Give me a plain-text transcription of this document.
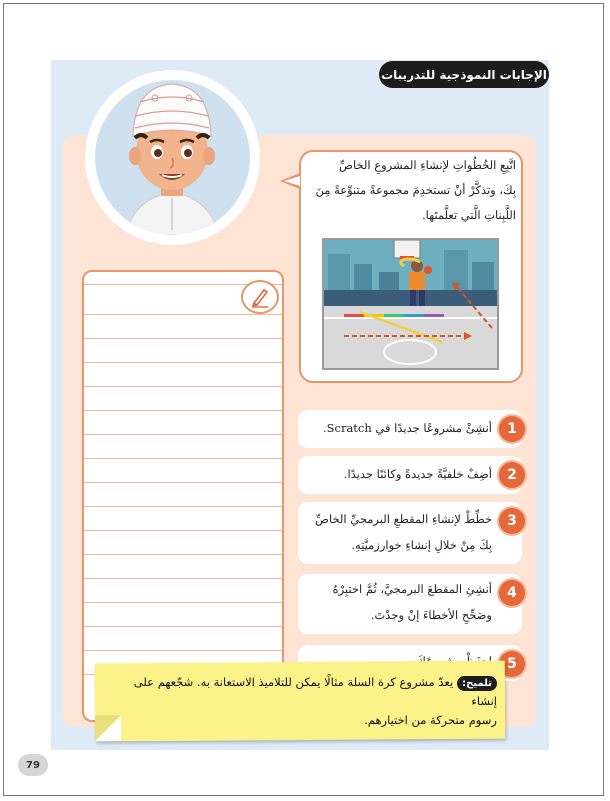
الإجابات النموذجية للتدريبات
اتَّبِعِ الخُطُواتِ لإنشاءِ المشروعِ الخاصِّ
بِكَ، وتذكَّرْ أنْ تستخدِمَ مجموعةً متنوِّعةً مِنَ
اللَّبِناتِ الَّتي تعلَّمتَها.
أنشِئْ مشروعًا جديدًا في Scratch.	1
أضِفْ خلفيَّةً جديدةً وكائنًا جديدًا.	2
خطِّطْ لإنشاءِ المقطعِ البرمجيِّ الخاصِّ
بِكَ مِنْ خلالِ إنشاءِ خوارزميَّتِهِ.
3
أنشِئِ المقطعَ البرمجيَّ، ثُمَّ اختبِرْهُ
وصَحِّحِ الأخطاءَ إنْ وجدْتَ.
4
5
تلميح:يعدّ مشروع كرة السلة مثالًا يمكن للتلاميذ الاستعانة به. شجّعهم على إنشاء
رسوم متحركة من اختيارهم.
79
